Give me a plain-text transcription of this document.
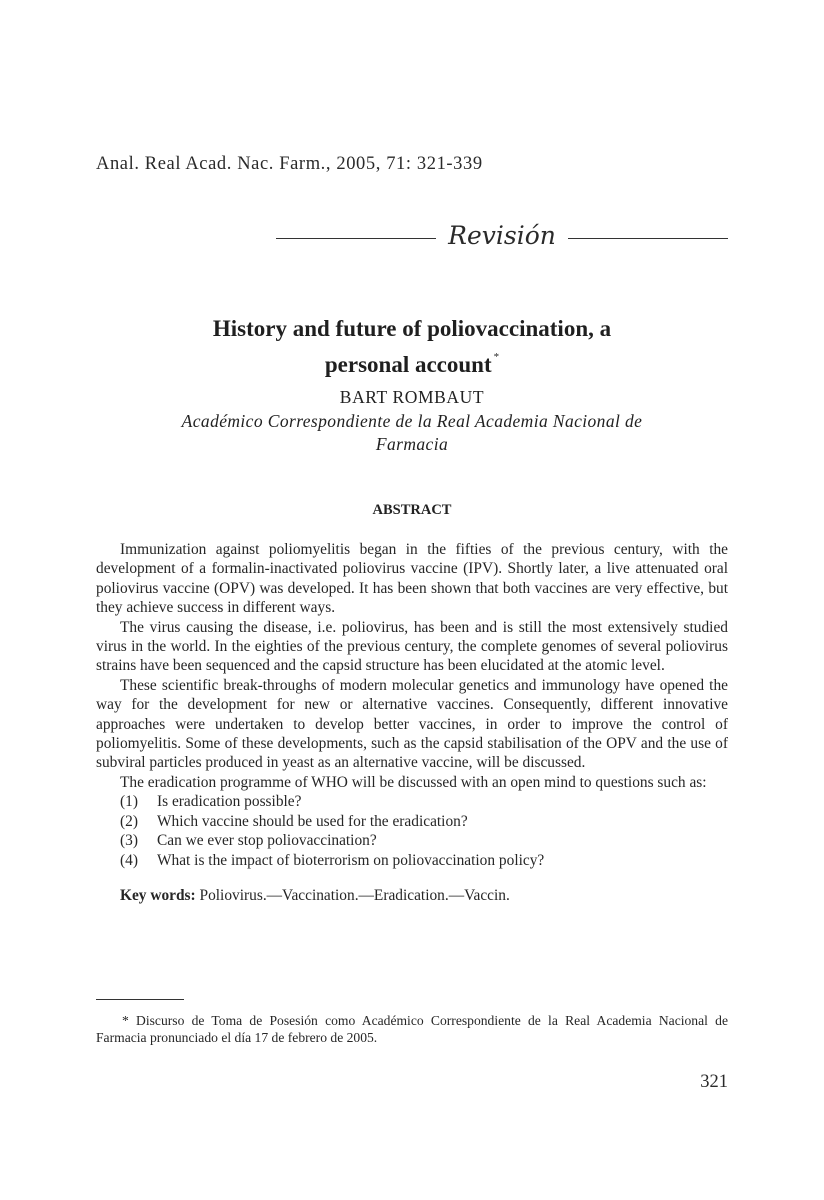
Anal. Real Acad. Nac. Farm., 2005, 71: 321-339
Revisión
History and future of poliovaccination, a
personal account *
BART ROMBAUT
Académico Correspondiente de la Real Academia Nacional de
Farmacia
ABSTRACT

Immunization against poliomyelitis began in the fifties of the previous century, with the development of a formalin-inactivated poliovirus vaccine (IPV). Shortly later, a live attenuated oral poliovirus vaccine (OPV) was developed. It has been shown that both vaccines are very effective, but they achieve success in different ways.

The virus causing the disease, i.e. poliovirus, has been and is still the most extensively studied virus in the world. In the eighties of the previous century, the complete genomes of several poliovirus strains have been sequenced and the capsid structure has been elucidated at the atomic level.

These scientific break-throughs of modern molecular genetics and immunology have opened the way for the development for new or alternative vaccines. Consequently, different innovative approaches were undertaken to develop better vaccines, in order to improve the control of poliomyelitis. Some of these developments, such as the capsid stabilisation of the OPV and the use of subviral particles produced in yeast as an alternative vaccine, will be discussed.

The eradication programme of WHO will be discussed with an open mind to questions such as:

(1) Is eradication possible?
(2) Which vaccine should be used for the eradication?
(3) Can we ever stop poliovaccination?
(4) What is the impact of bioterrorism on poliovaccination policy?

Key words: Poliovirus.—Vaccination.—Eradication.—Vaccin.

* Discurso de Toma de Posesión como Académico Correspondiente de la Real Academia Nacional de Farmacia pronunciado el día 17 de febrero de 2005.
321
